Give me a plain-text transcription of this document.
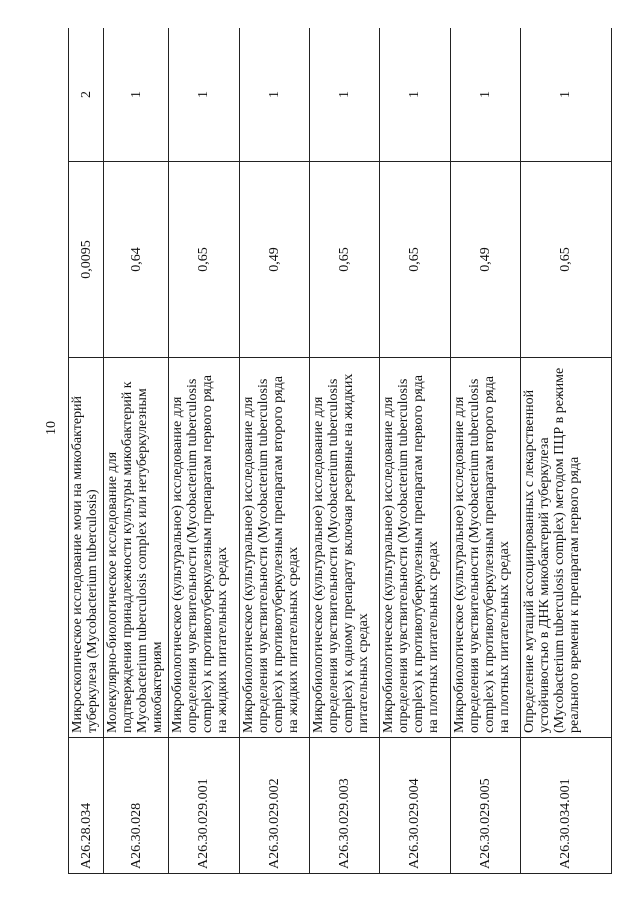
10
A26.28.034	Микроскопическое исследование мочи на микобактерий туберкулеза (Mycobacterium tuberculosis)	0,0095	2
A26.30.028	Молекулярно-биологическое исследование для подтверждения принадлежности культуры микобактерий к Mycobacterium tuberculosis complex или нетуберкулезным микобактериям	0,64	1
A26.30.029.001	Микробиологическое (культуральное) исследование для определения чувствительности (Mycobacterium tuberculosis complex) к противотуберкулезным препаратам первого ряда на жидких питательных средах	0,65	1
A26.30.029.002	Микробиологическое (культуральное) исследование для определения чувствительности (Mycobacterium tuberculosis complex) к противотуберкулезным препаратам второго ряда на жидких питательных средах	0,49	1
A26.30.029.003	Микробиологическое (культуральное) исследование для определения чувствительности (Mycobacterium tuberculosis complex) к одному препарату включая резервные на жидких питательных средах	0,65	1
A26.30.029.004	Микробиологическое (культуральное) исследование для определения чувствительности (Mycobacterium tuberculosis complex) к противотуберкулезным препаратам первого ряда на плотных питательных средах	0,65	1
A26.30.029.005	Микробиологическое (культуральное) исследование для определения чувствительности (Mycobacterium tuberculosis complex) к противотуберкулезным препаратам второго ряда на плотных питательных средах	0,49	1
A26.30.034.001	Определение мутаций ассоциированных с лекарственной устойчивостью в ДНК микобактерий туберкулеза (Mycobacterium tuberculosis complex) методом ПЦР в режиме реального времени к препаратам первого ряда	0,65	1
